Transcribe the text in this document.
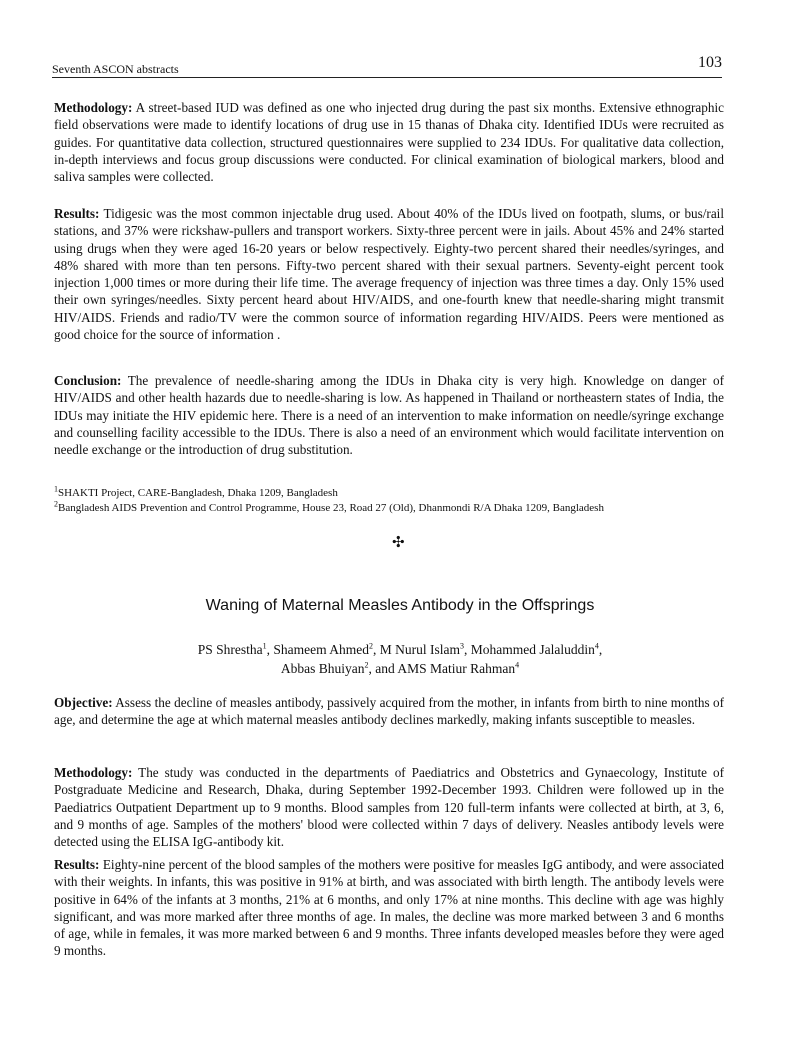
Seventh ASCON abstracts	103

Methodology: A street-based IUD was defined as one who injected drug during the past six months. Extensive ethnographic field observations were made to identify locations of drug use in 15 thanas of Dhaka city. Identified IDUs were recruited as guides. For quantitative data collection, structured questionnaires were supplied to 234 IDUs. For qualitative data collection, in-depth interviews and focus group discussions were conducted. For clinical examination of biological markers, blood and saliva samples were collected.

Results: Tidigesic was the most common injectable drug used. About 40% of the IDUs lived on footpath, slums, or bus/rail stations, and 37% were rickshaw-pullers and transport workers. Sixty-three percent were in jails. About 45% and 24% started using drugs when they were aged 16-20 years or below respectively. Eighty-two percent shared their needles/syringes, and 48% shared with more than ten persons. Fifty-two percent shared with their sexual partners. Seventy-eight percent took injection 1,000 times or more during their life time. The average frequency of injection was three times a day. Only 15% used their own syringes/needles. Sixty percent heard about HIV/AIDS, and one-fourth knew that needle-sharing might transmit HIV/AIDS. Friends and radio/TV were the common source of information regarding HIV/AIDS. Peers were mentioned as good choice for the source of information .

Conclusion: The prevalence of needle-sharing among the IDUs in Dhaka city is very high. Knowledge on danger of HIV/AIDS and other health hazards due to needle-sharing is low. As happened in Thailand or northeastern states of India, the IDUs may initiate the HIV epidemic here. There is a need of an intervention to make information on needle/syringe exchange and counselling facility accessible to the IDUs. There is also a need of an environment which would facilitate intervention on needle exchange or the introduction of drug substitution.

$^1$SHAKTI Project, CARE-Bangladesh, Dhaka 1209, Bangladesh

$^2$Bangladesh AIDS Prevention and Control Programme, House 23, Road 27 (Old), Dhanmondi R/A Dhaka 1209, Bangladesh

✣
Waning of Maternal Measles Antibody in the Offsprings
PS Shrestha$^1$, Shameem Ahmed$^2$, M Nurul Islam$^3$, Mohammed Jalaluddin$^4$,
Abbas Bhuiyan$^2$, and AMS Matiur Rahman$^4$

Objective: Assess the decline of measles antibody, passively acquired from the mother, in infants from birth to nine months of age, and determine the age at which maternal measles antibody declines markedly, making infants susceptible to measles.

Methodology: The study was conducted in the departments of Paediatrics and Obstetrics and Gynaecology, Institute of Postgraduate Medicine and Research, Dhaka, during September 1992-December 1993. Children were followed up in the Paediatrics Outpatient Department up to 9 months. Blood samples from 120 full-term infants were collected at birth, at 3, 6, and 9 months of age. Samples of the mothers' blood were collected within 7 days of delivery. Neasles antibody levels were detected using the ELISA IgG-antibody kit.

Results: Eighty-nine percent of the blood samples of the mothers were positive for measles IgG antibody, and were associated with their weights. In infants, this was positive in 91% at birth, and was associated with birth length. The antibody levels were positive in 64% of the infants at 3 months, 21% at 6 months, and only 17% at nine months. This decline with age was highly significant, and was more marked after three months of age. In males, the decline was more marked between 3 and 6 months of age, while in females, it was more marked between 6 and 9 months. Three infants developed measles before they were aged 9 months.
